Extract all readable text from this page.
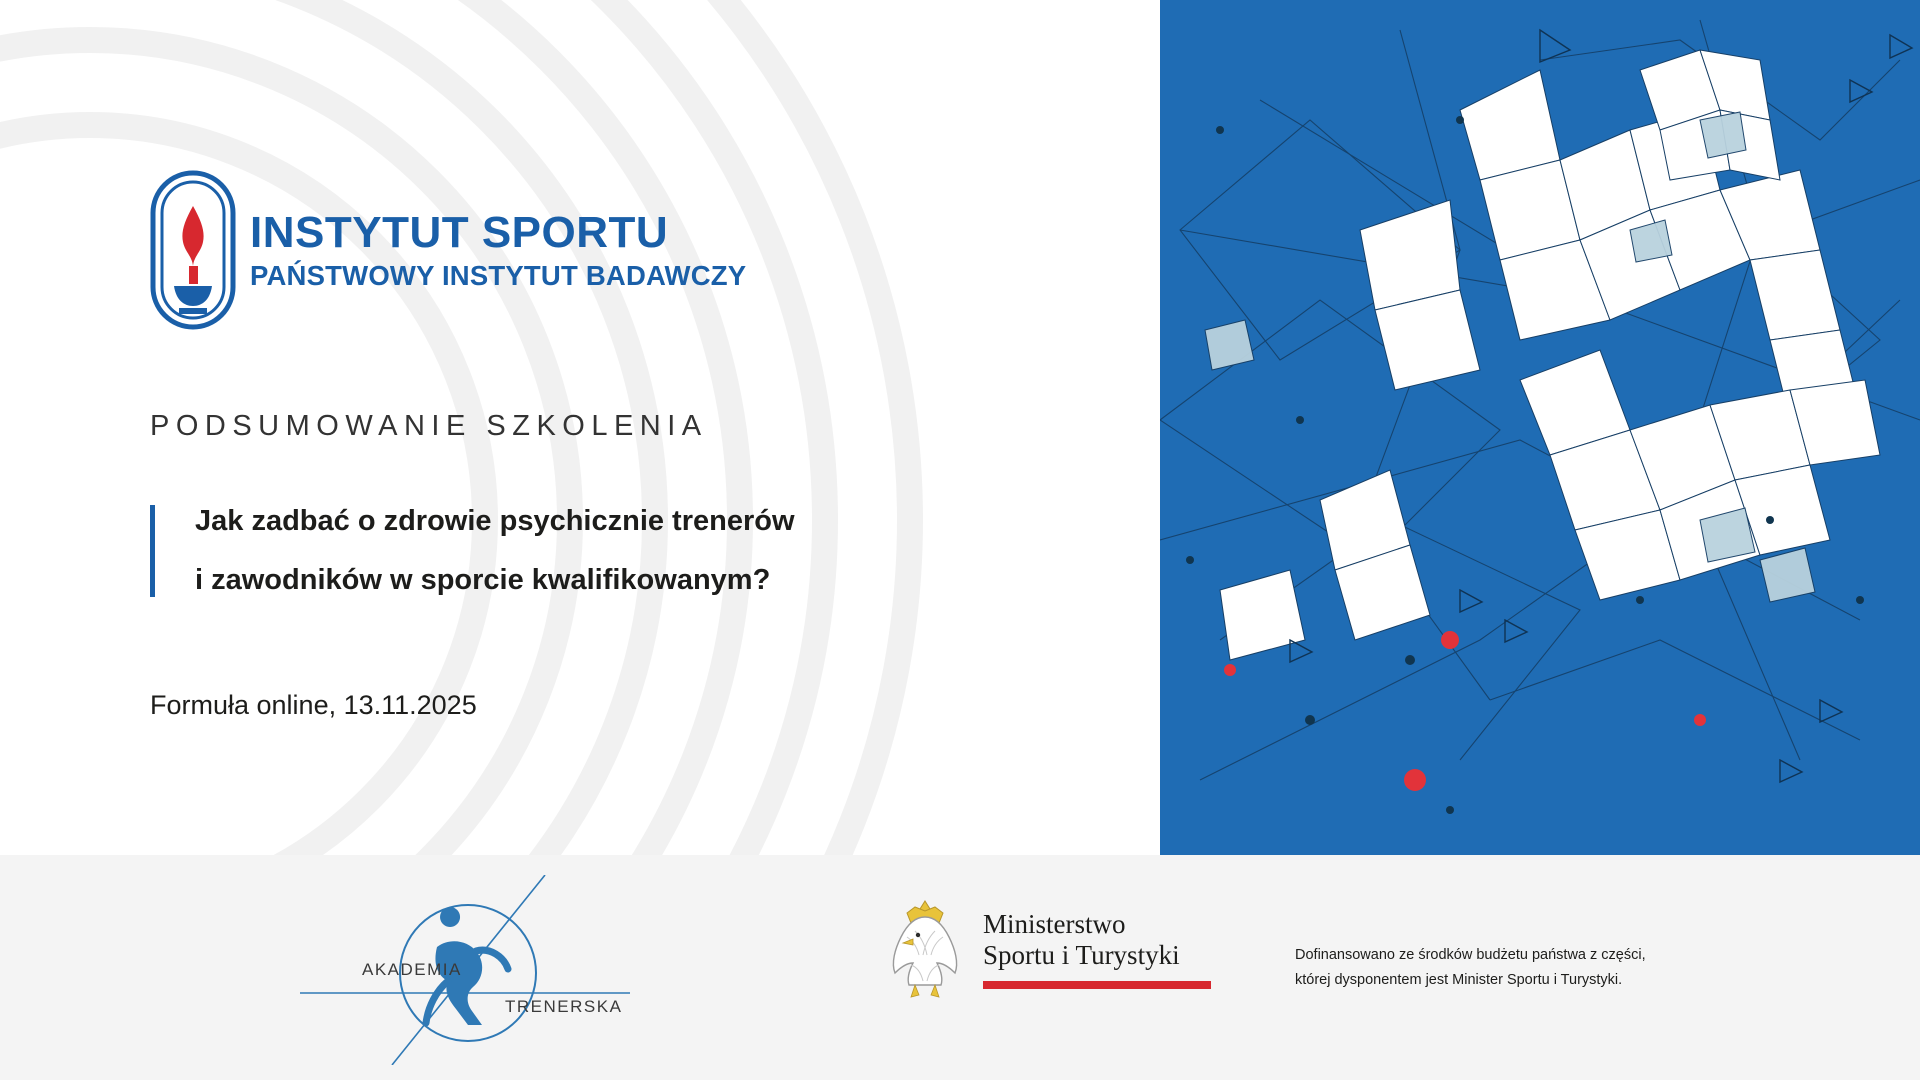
INSTYTUT SPORTU
PAŃSTWOWY INSTYTUT BADAWCZY
PODSUMOWANIE SZKOLENIA
Jak zadbać o zdrowie psychicznie trenerów
i zawodników w sporcie kwalifikowanym?
Formuła online, 13.11.2025
AKADEMIA
TRENERSKA
Ministerstwo
Sportu i Turystyki	Dofinansowano ze środków budżetu państwa z części,
której dysponentem jest Minister Sportu i Turystyki.
